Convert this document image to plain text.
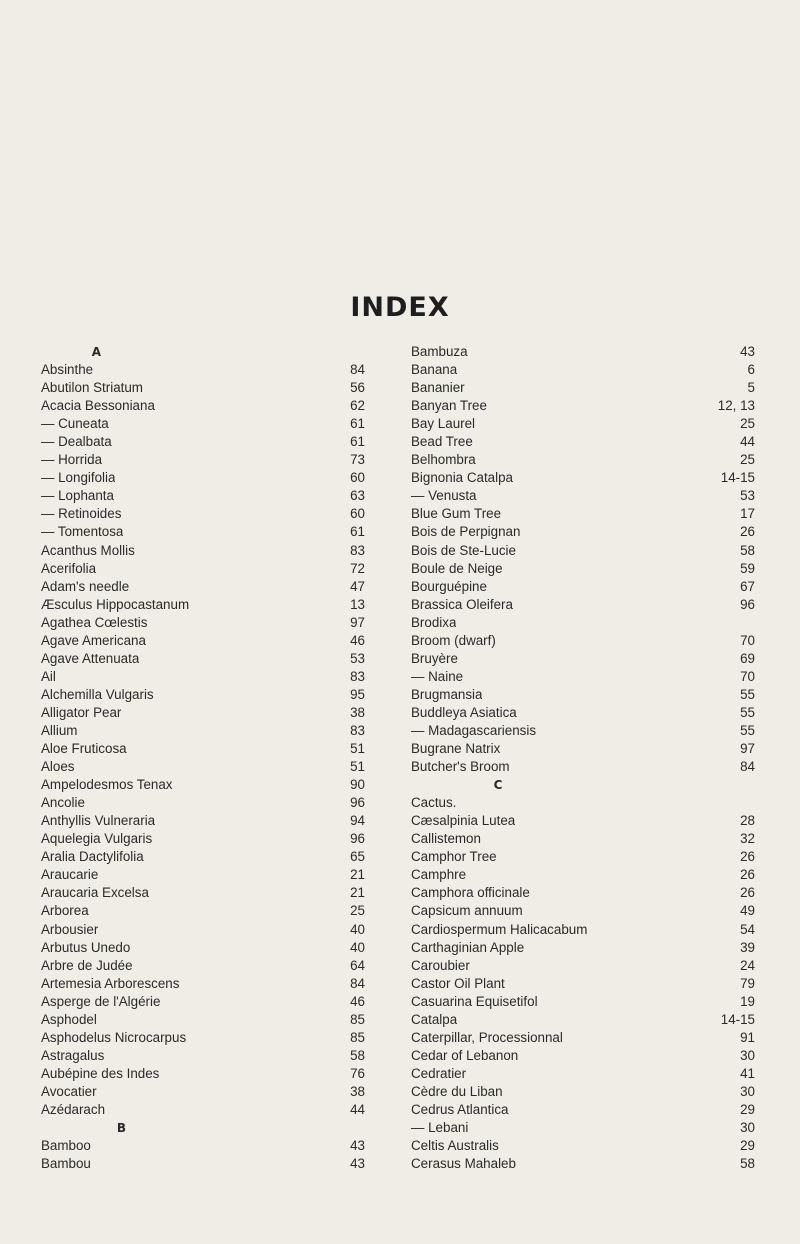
INDEX
A
Absinthe	84
Abutilon Striatum	56
Acacia Bessoniana	62
— Cuneata	61
— Dealbata	61
— Horrida	73
— Longifolia	60
— Lophanta	63
— Retinoides	60
— Tomentosa	61
Acanthus Mollis	83
Acerifolia	72
Adam's needle	47
Æsculus Hippocastanum	13
Agathea Cœlestis	97
Agave Americana	46
Agave Attenuata	53
Ail	83
Alchemilla Vulgaris	95
Alligator Pear	38
Allium	83
Aloe Fruticosa	51
Aloes	51
Ampelodesmos Tenax	90
Ancolie	96
Anthyllis Vulneraria	94
Aquelegia Vulgaris	96
Aralia Dactylifolia	65
Araucarie	21
Araucaria Excelsa	21
Arborea	25
Arbousier	40
Arbutus Unedo	40
Arbre de Judée	64
Artemesia Arborescens	84
Asperge de l'Algérie	46
Asphodel	85
Asphodelus Nicrocarpus	85
Astragalus	58
Aubépine des Indes	76
Avocatier	38
Azédarach	44
B
Bamboo	43
Bambou	43
Bambuza	43
Banana	6
Bananier	5
Banyan Tree	12, 13
Bay Laurel	25
Bead Tree	44
Belhombra	25
Bignonia Catalpa	14-15
— Venusta	53
Blue Gum Tree	17
Bois de Perpignan	26
Bois de Ste-Lucie	58
Boule de Neige	59
Bourguépine	67
Brassica Oleifera	96
Brodixa
Broom (dwarf)	70
Bruyère	69
— Naine	70
Brugmansia	55
Buddleya Asiatica	55
— Madagascariensis	55
Bugrane Natrix	97
Butcher's Broom	84
C
Cactus.
Cæsalpinia Lutea	28
Callistemon	32
Camphor Tree	26
Camphre	26
Camphora officinale	26
Capsicum annuum	49
Cardiospermum Halicacabum	54
Carthaginian Apple	39
Caroubier	24
Castor Oil Plant	79
Casuarina Equisetifol	19
Catalpa	14-15
Caterpillar, Processionnal	91
Cedar of Lebanon	30
Cedratier	41
Cèdre du Liban	30
Cedrus Atlantica	29
— Lebani	30
Celtis Australis	29
Cerasus Mahaleb	58
